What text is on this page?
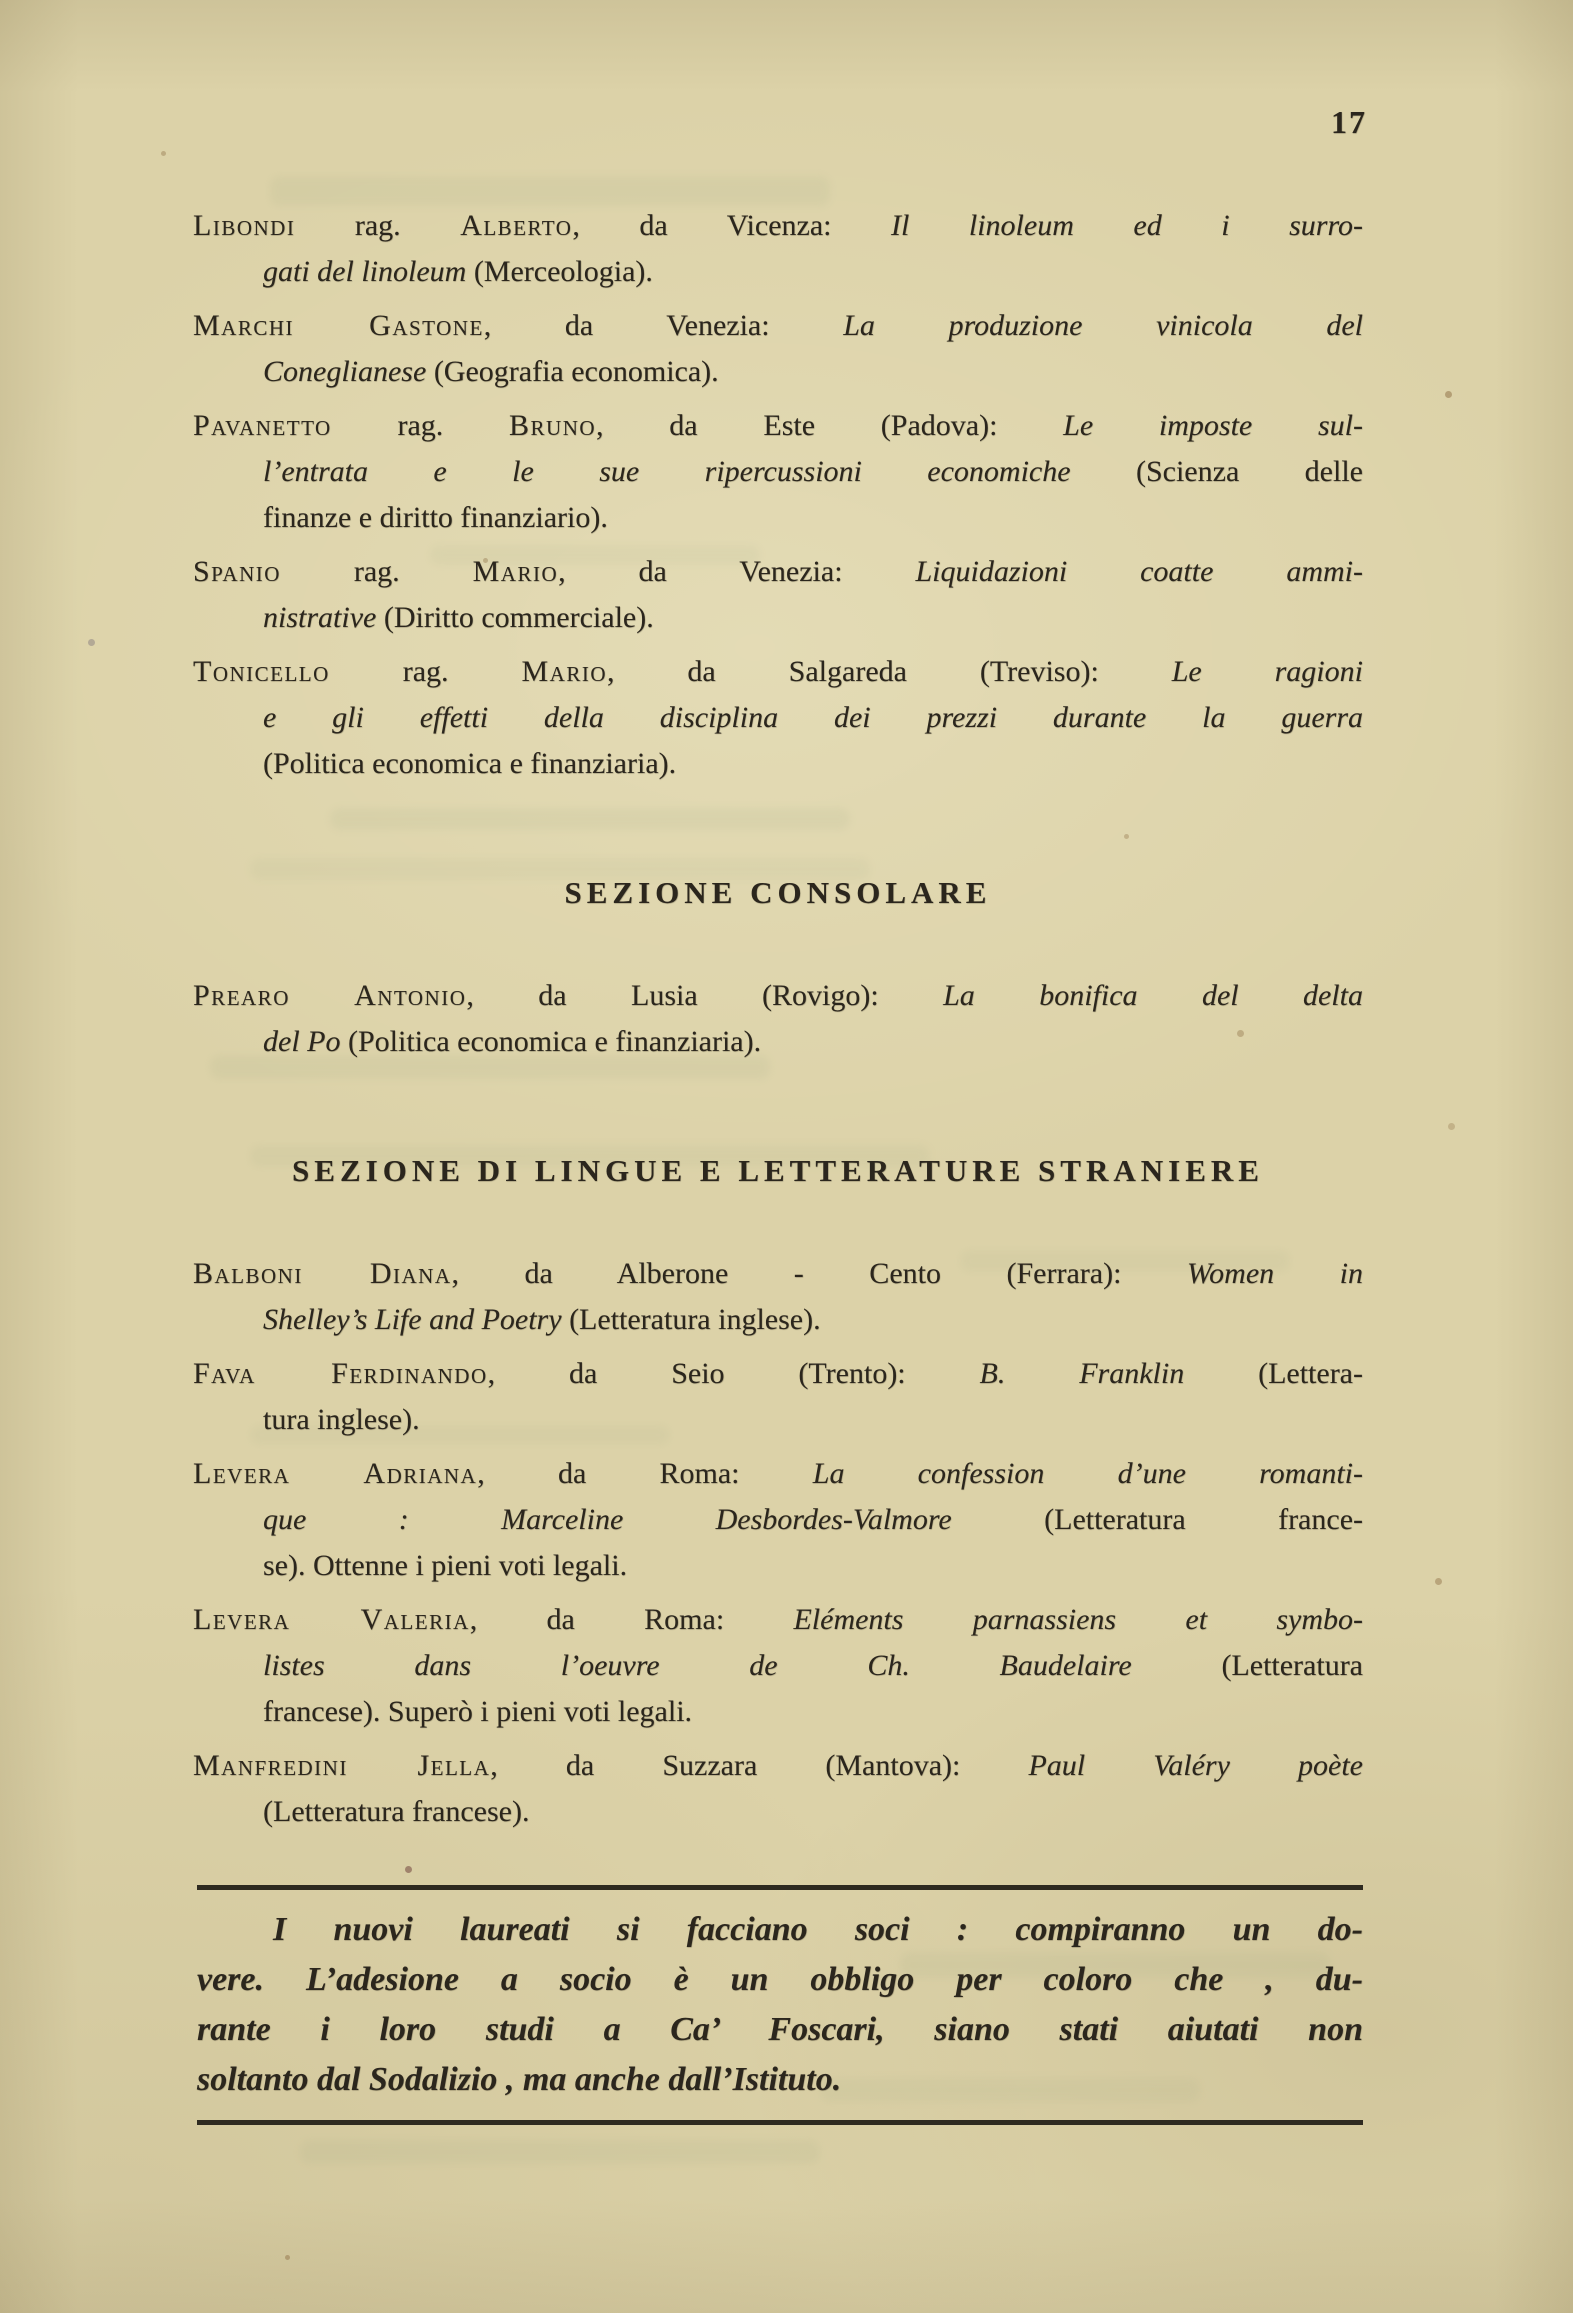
17

Libondi rag. Alberto, da Vicenza: Il linoleum ed i surro-
gati del linoleum (Merceologia).

Marchi Gastone, da Venezia: La produzione vinicola del
Coneglianese (Geografia economica).

Pavanetto rag. Bruno, da Este (Padova): Le imposte sul-
l’entrata e le sue ripercussioni economiche (Scienza delle
finanze e diritto finanziario).

Spanio rag. Mario, da Venezia: Liquidazioni coatte ammi-
nistrative (Diritto commerciale).

Tonicello rag. Mario, da Salgareda (Treviso): Le ragioni
e gli effetti della disciplina dei prezzi durante la guerra
(Politica economica e finanziaria).

SEZIONE CONSOLARE

Prearo Antonio, da Lusia (Rovigo): La bonifica del delta
del Po (Politica economica e finanziaria).

SEZIONE DI LINGUE E LETTERATURE STRANIERE

Balboni Diana, da Alberone - Cento (Ferrara): Women in
Shelley’s Life and Poetry (Letteratura inglese).

Fava Ferdinando, da Seio (Trento): B. Franklin (Lettera-
tura inglese).

Levera Adriana, da Roma: La confession d’une romanti-
que : Marceline Desbordes-Valmore (Letteratura france-
se). Ottenne i pieni voti legali.

Levera Valeria, da Roma: Eléments parnassiens et symbo-
listes dans l’oeuvre de Ch. Baudelaire (Letteratura
francese). Superò i pieni voti legali.

Manfredini Jella, da Suzzara (Mantova): Paul Valéry poète
(Letteratura francese).

I nuovi laureati si facciano soci : compiranno un do-
vere. L’adesione a socio è un obbligo per coloro che , du-
rante i loro studi a Ca’ Foscari, siano stati aiutati non
soltanto dal Sodalizio , ma anche dall’Istituto.
